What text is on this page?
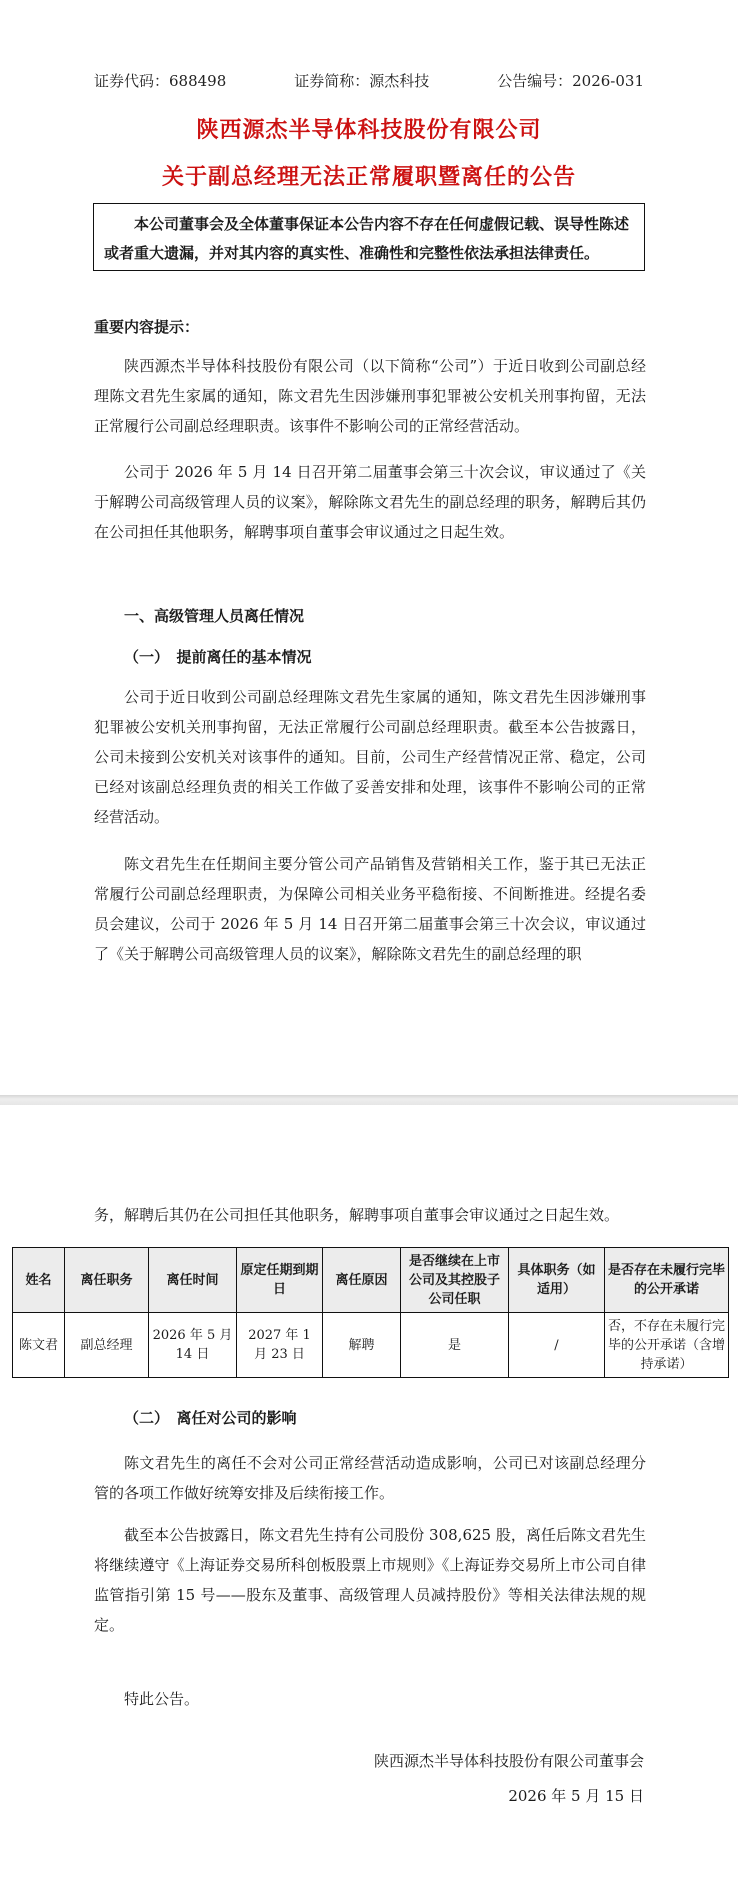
证券代码：688498	证券简称：源杰科技	公告编号：2026-031
陕西源杰半导体科技股份有限公司
关于副总经理无法正常履职暨离任的公告
本公司董事会及全体董事保证本公告内容不存在任何虚假记载、误导性陈述或者重大遗漏，并对其内容的真实性、准确性和完整性依法承担法律责任。
重要内容提示：

陕西源杰半导体科技股份有限公司（以下简称“公司”）于近日收到公司副总经理陈文君先生家属的通知，陈文君先生因涉嫌刑事犯罪被公安机关刑事拘留，无法正常履行公司副总经理职责。该事件不影响公司的正常经营活动。

公司于 2026 年 5 月 14 日召开第二届董事会第三十次会议，审议通过了《关于解聘公司高级管理人员的议案》，解除陈文君先生的副总经理的职务，解聘后其仍在公司担任其他职务，解聘事项自董事会审议通过之日起生效。

一、高级管理人员离任情况
（一）　提前离任的基本情况

公司于近日收到公司副总经理陈文君先生家属的通知，陈文君先生因涉嫌刑事犯罪被公安机关刑事拘留，无法正常履行公司副总经理职责。截至本公告披露日，公司未接到公安机关对该事件的通知。目前，公司生产经营情况正常、稳定，公司已经对该副总经理负责的相关工作做了妥善安排和处理，该事件不影响公司的正常经营活动。

陈文君先生在任期间主要分管公司产品销售及营销相关工作，鉴于其已无法正常履行公司副总经理职责，为保障公司相关业务平稳衔接、不间断推进。经提名委员会建议，公司于 2026 年 5 月 14 日召开第二届董事会第三十次会议，审议通过了《关于解聘公司高级管理人员的议案》，解除陈文君先生的副总经理的职

务，解聘后其仍在公司担任其他职务，解聘事项自董事会审议通过之日起生效。

姓名	离任职务	离任时间	原定任期到期日	离任原因	是否继续在上市公司及其控股子公司任职	具体职务（如适用）	是否存在未履行完毕的公开承诺
陈文君	副总经理	2026 年 5 月 14 日	2027 年 1 月 23 日	解聘	是	/	否，不存在未履行完毕的公开承诺（含增持承诺）
（二）　离任对公司的影响

陈文君先生的离任不会对公司正常经营活动造成影响，公司已对该副总经理分管的各项工作做好统筹安排及后续衔接工作。

截至本公告披露日，陈文君先生持有公司股份 308,625 股，离任后陈文君先生将继续遵守《上海证券交易所科创板股票上市规则》《上海证券交易所上市公司自律监管指引第 15 号——股东及董事、高级管理人员减持股份》等相关法律法规的规定。

特此公告。
陕西源杰半导体科技股份有限公司董事会
2026 年 5 月 15 日
